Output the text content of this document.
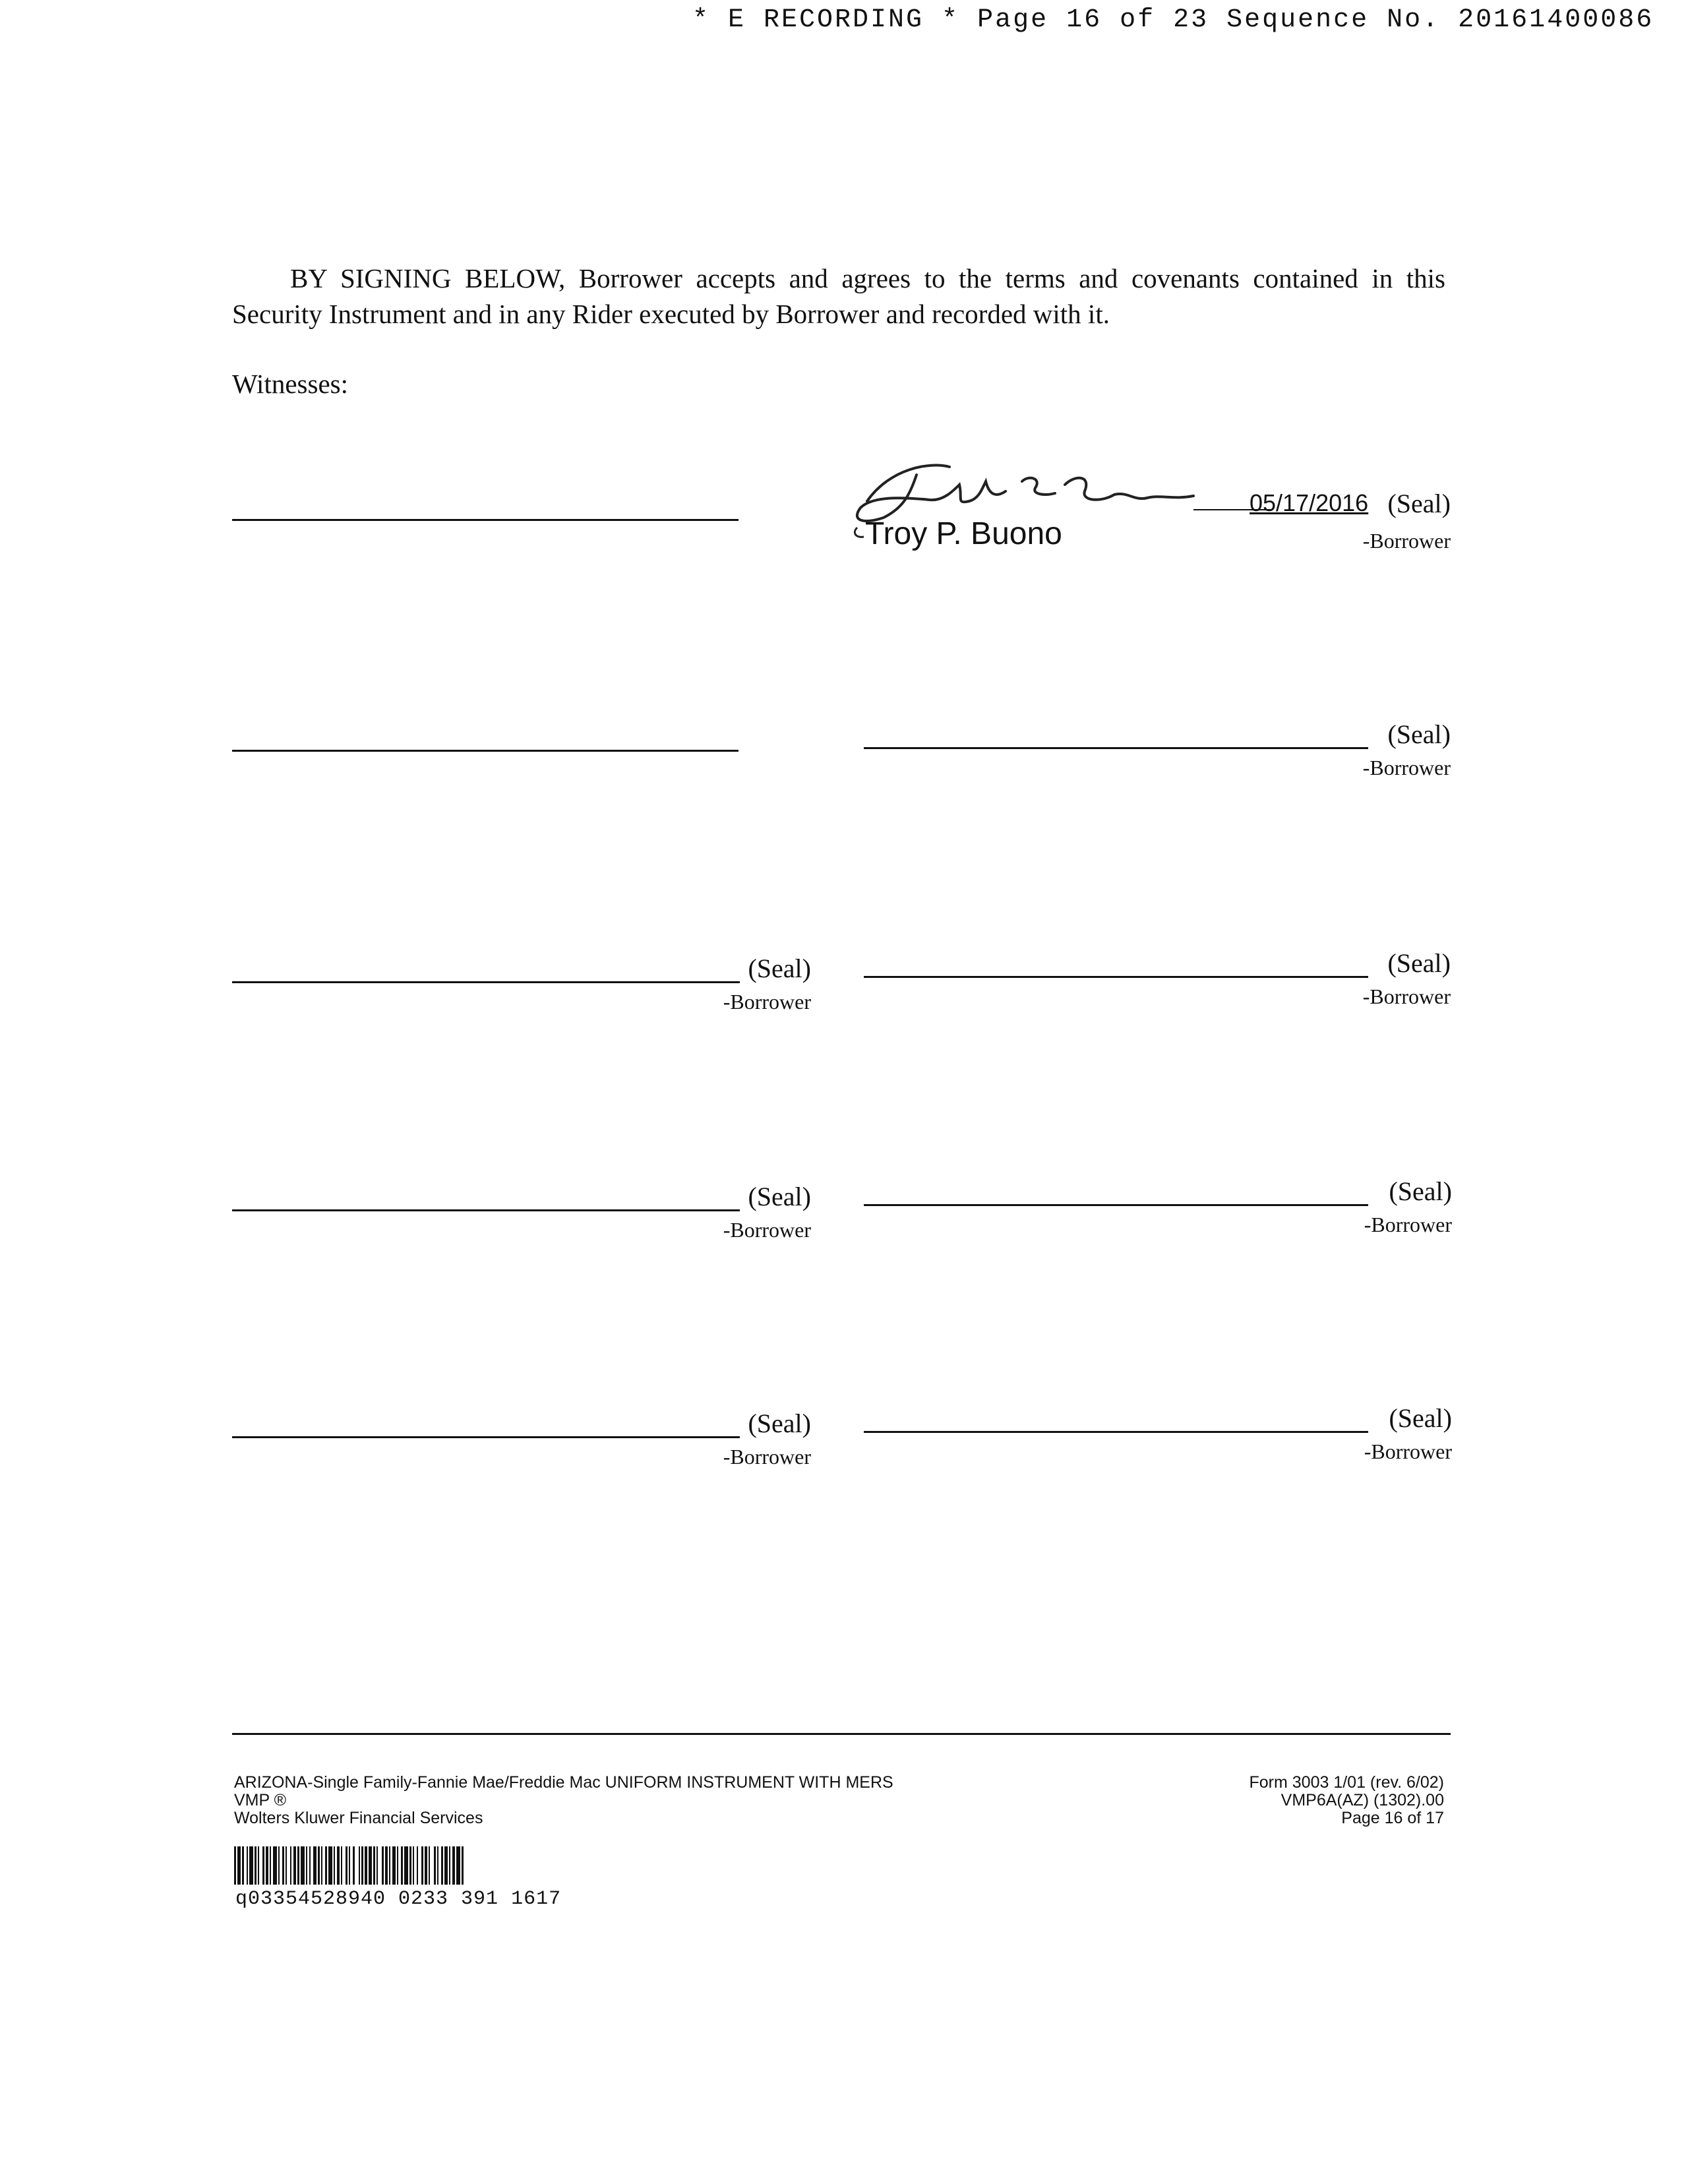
* E RECORDING * Page 16 of 23 Sequence No. 20161400086

BY SIGNING BELOW, Borrower accepts and agrees to the terms and covenants contained in this Security Instrument and in any Rider executed by Borrower and recorded with it.

Witnesses:
05/17/2016 (Seal)
Troy P. Buono	-Borrower
(Seal)
-Borrower
(Seal)
-Borrower
(Seal)
-Borrower
(Seal)
-Borrower
(Seal)
-Borrower
(Seal)
-Borrower
(Seal)
-Borrower
ARIZONA-Single Family-Fannie Mae/Freddie Mac UNIFORM INSTRUMENT WITH MERS
VMP ®
Wolters Kluwer Financial Services
Form 3003 1/01 (rev. 6/02)
VMP6A(AZ) (1302).00
Page 16 of 17
q03354528940 0233 391 1617
